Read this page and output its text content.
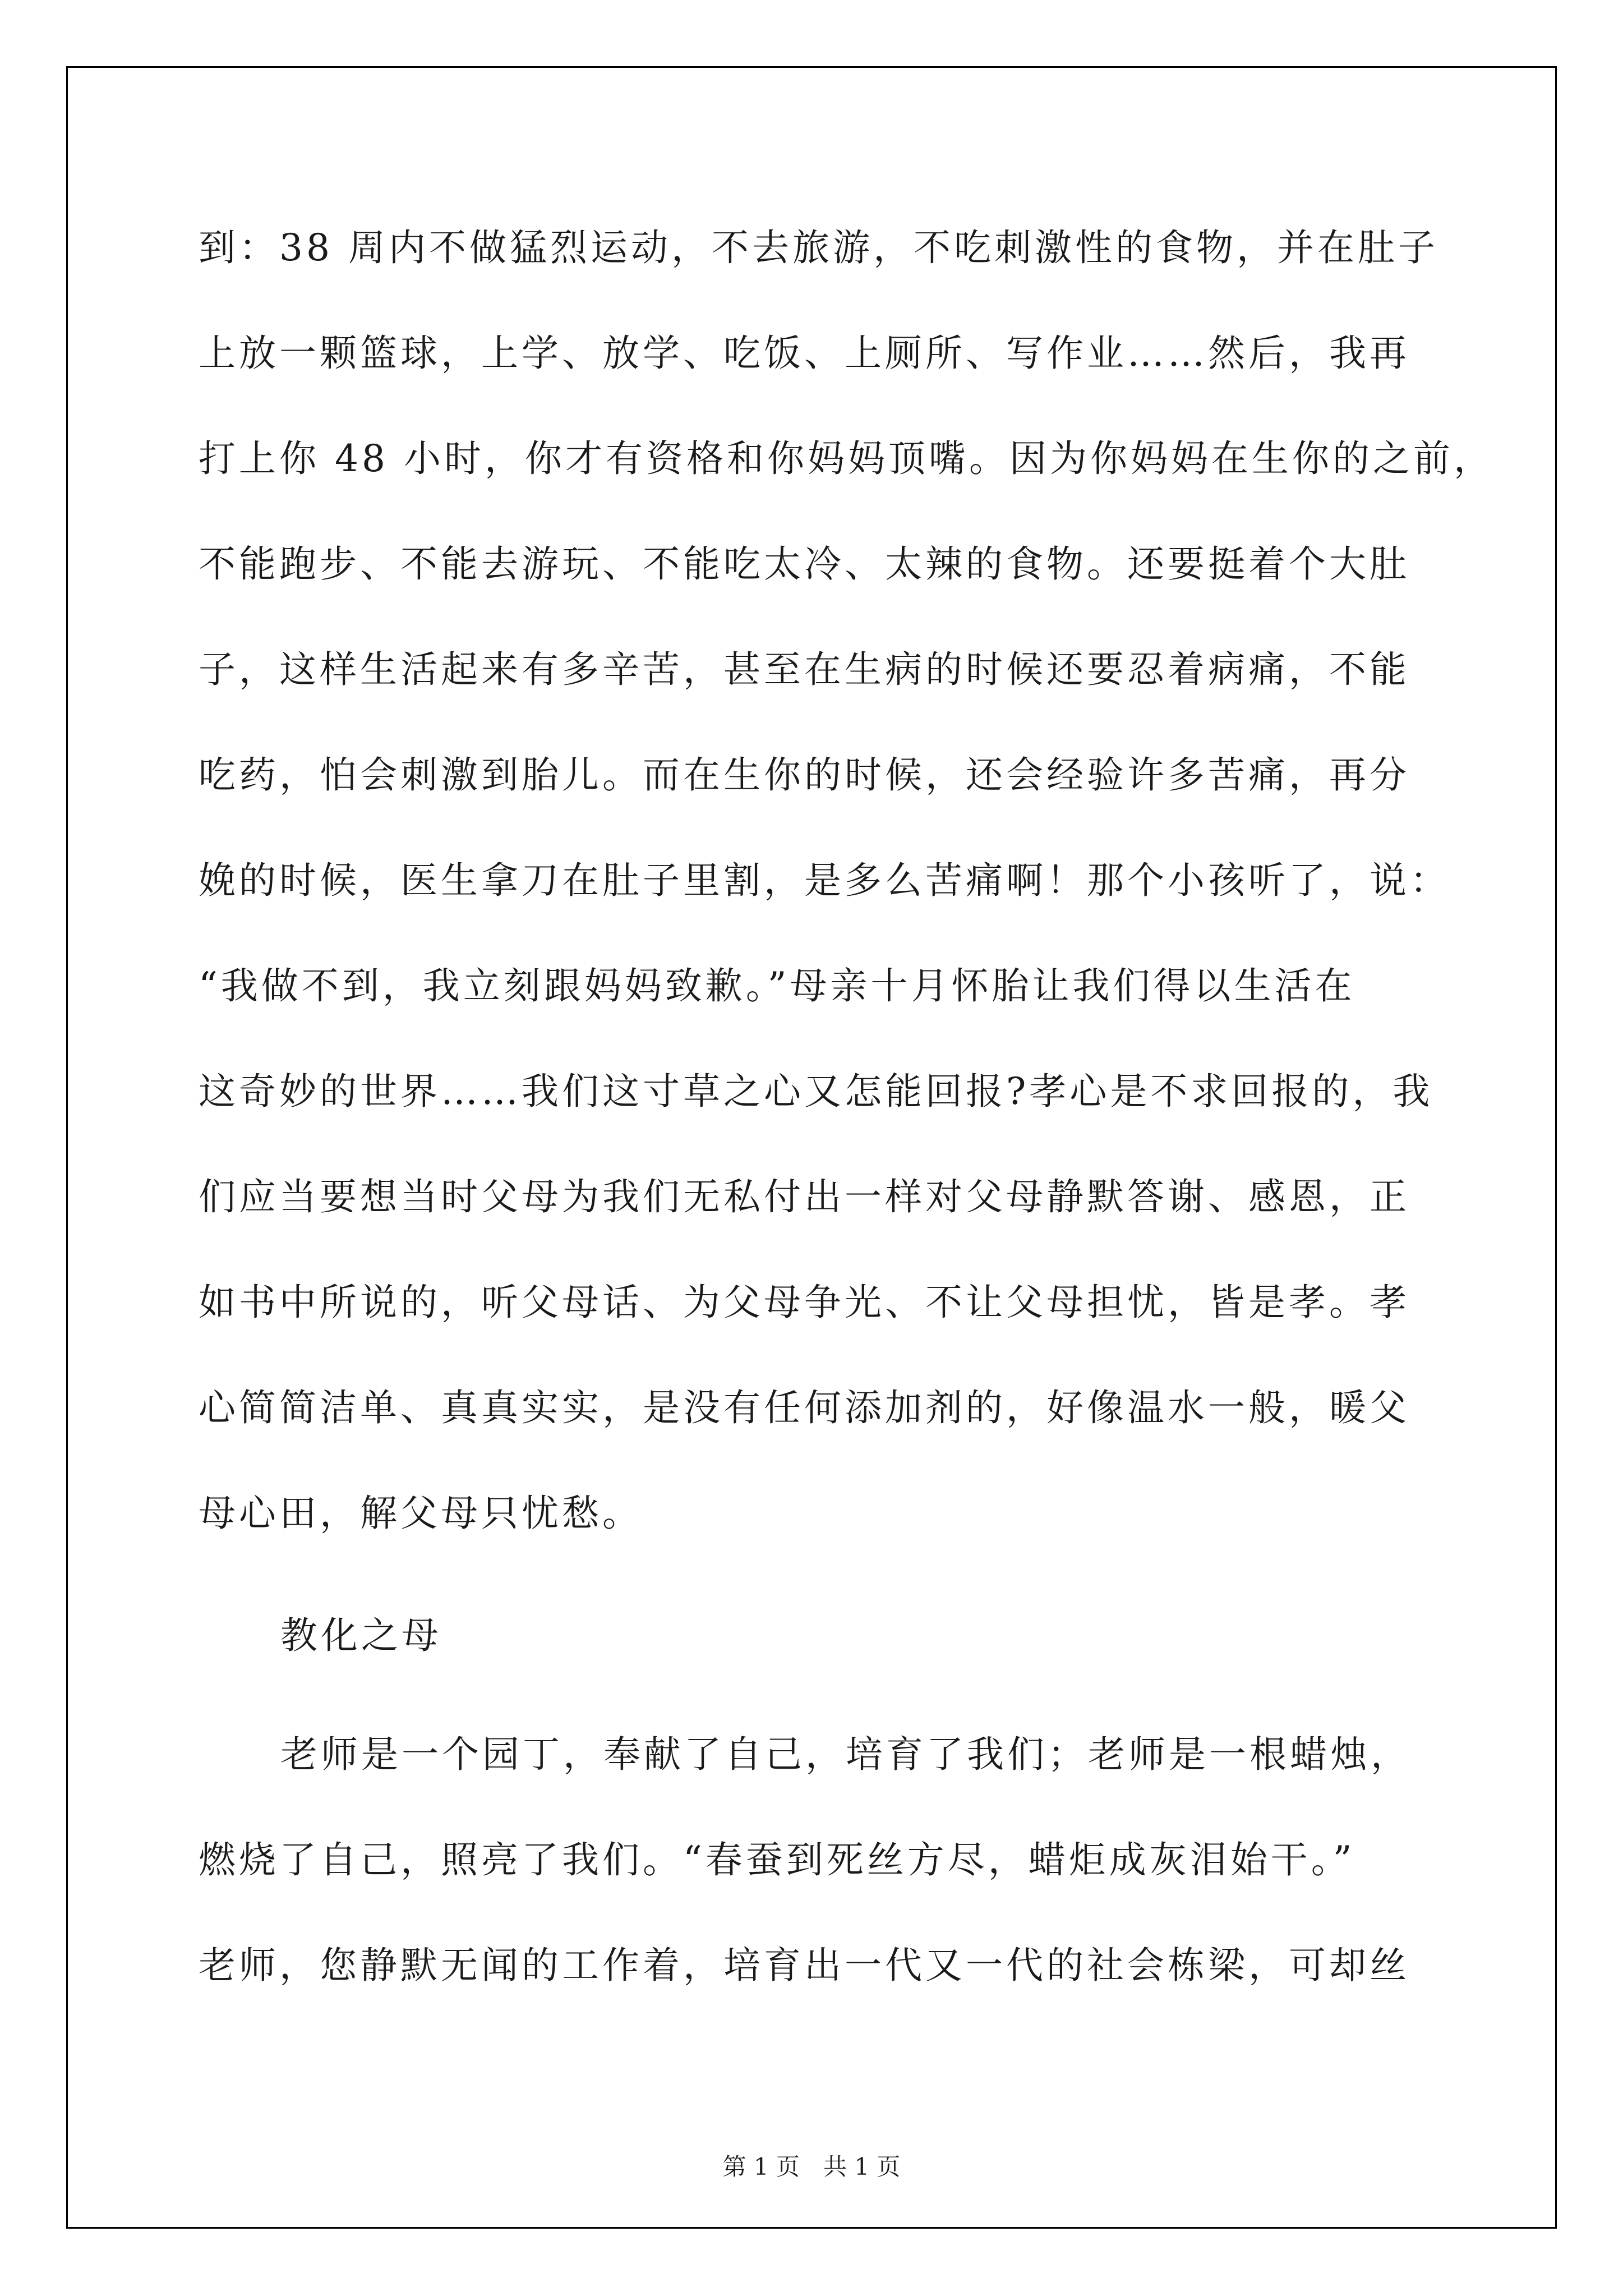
到：38 周内不做猛烈运动，不去旅游，不吃刺激性的食物，并在肚子
上放一颗篮球，上学、放学、吃饭、上厕所、写作业……然后，我再
打上你 48 小时，你才有资格和你妈妈顶嘴。因为你妈妈在生你的之前，
不能跑步、不能去游玩、不能吃太冷、太辣的食物。还要挺着个大肚
子，这样生活起来有多辛苦，甚至在生病的时候还要忍着病痛，不能
吃药，怕会刺激到胎儿。而在生你的时候，还会经验许多苦痛，再分
娩的时候，医生拿刀在肚子里割，是多么苦痛啊！那个小孩听了，说：
“我做不到，我立刻跟妈妈致歉。”母亲十月怀胎让我们得以生活在
这奇妙的世界……我们这寸草之心又怎能回报?孝心是不求回报的，我
们应当要想当时父母为我们无私付出一样对父母静默答谢、感恩，正
如书中所说的，听父母话、为父母争光、不让父母担忧，皆是孝。孝
心简简洁单、真真实实，是没有任何添加剂的，好像温水一般，暖父
母心田，解父母只忧愁。
教化之母
老师是一个园丁，奉献了自己，培育了我们；老师是一根蜡烛，
燃烧了自己，照亮了我们。“春蚕到死丝方尽，蜡炬成灰泪始干。”
老师，您静默无闻的工作着，培育出一代又一代的社会栋梁，可却丝
第 1 页　共 1 页
